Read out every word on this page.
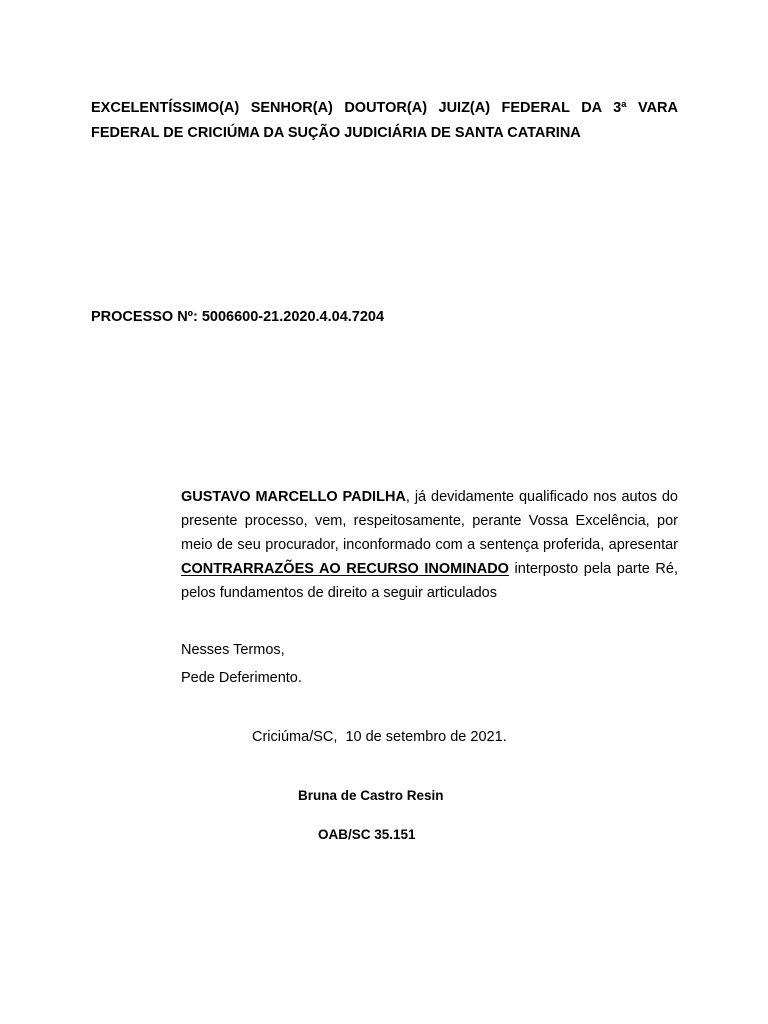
EXCELENTÍSSIMO(A) SENHOR(A) DOUTOR(A) JUIZ(A) FEDERAL DA 3ª VARA
FEDERAL DE CRICIÚMA DA SUÇÃO JUDICIÁRIA DE SANTA CATARINA
PROCESSO Nº: 5006600-21.2020.4.04.7204
GUSTAVO MARCELLO PADILHA, já devidamente qualificado nos autos do presente processo, vem, respeitosamente, perante Vossa Excelência, por meio de seu procurador, inconformado com a sentença proferida, apresentar CONTRARRAZÕES AO RECURSO INOMINADO interposto pela parte Ré, pelos fundamentos de direito a seguir articulados
Nesses Termos,
Pede Deferimento.
Criciúma/SC,  10 de setembro de 2021.
Bruna de Castro Resin
OAB/SC 35.151
